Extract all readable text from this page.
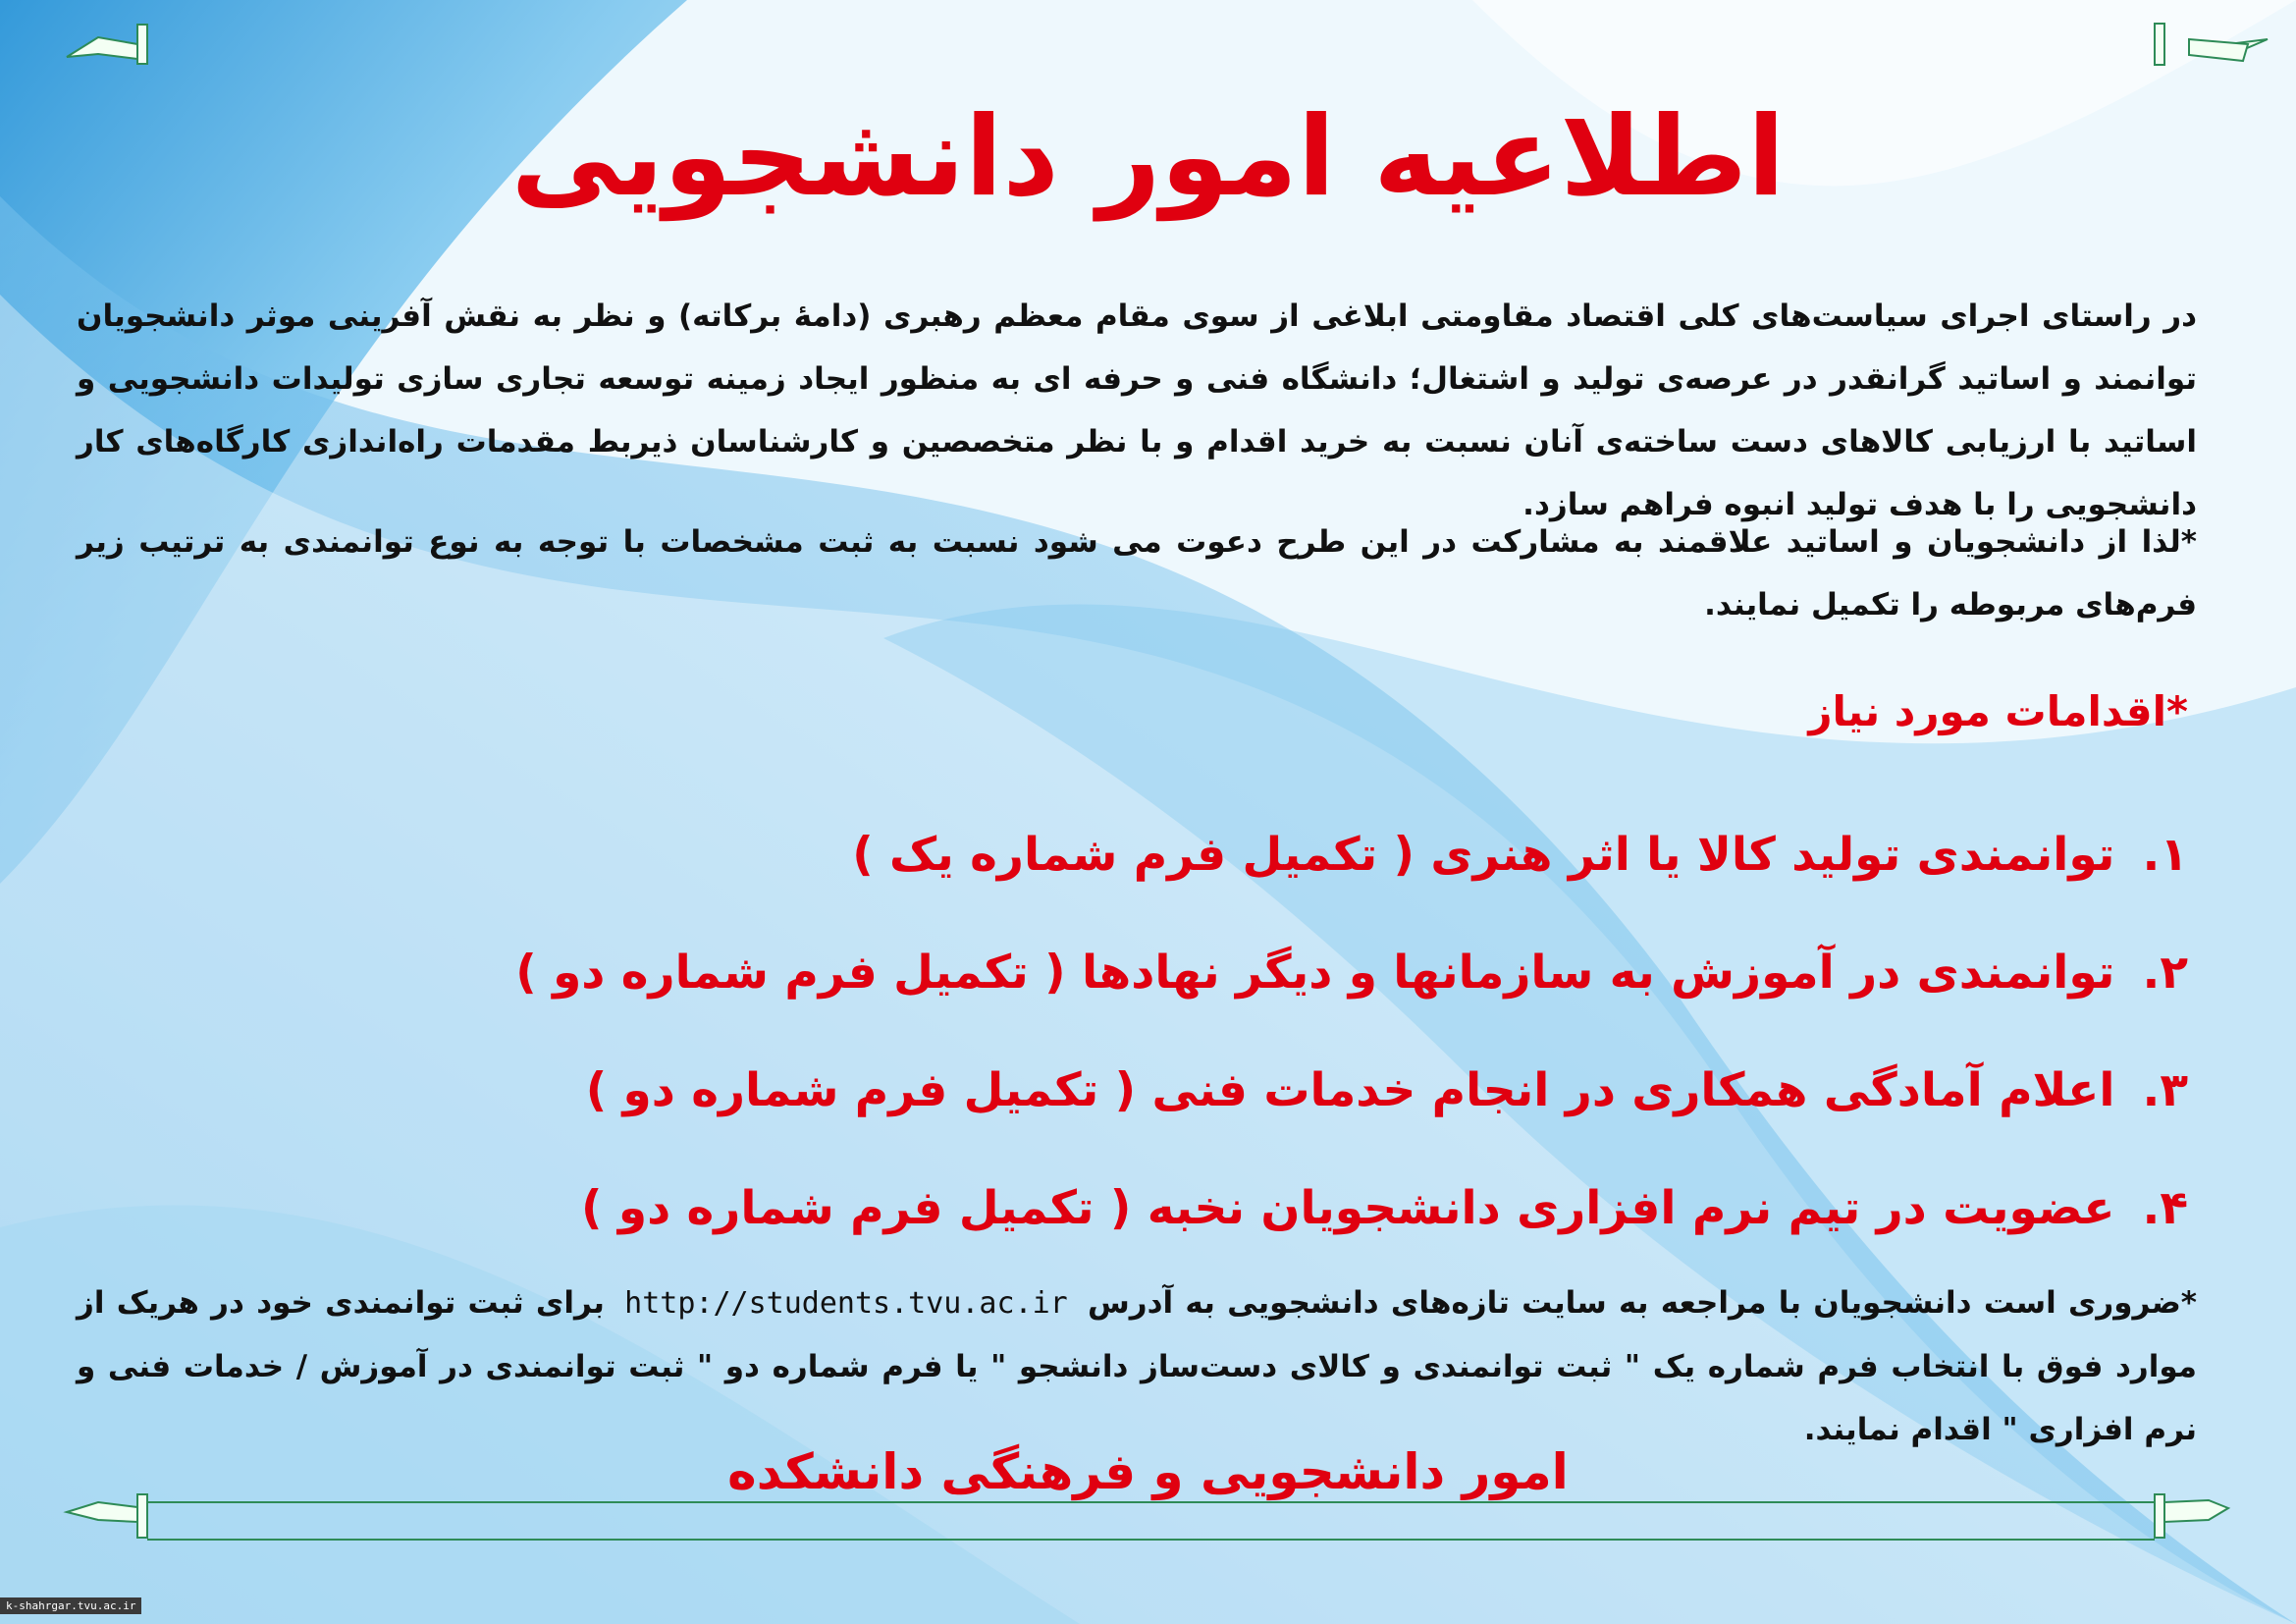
اطلاعیه امور دانشجویی
در راستای اجرای سیاست‌های کلی اقتصاد مقاومتی ابلاغی از سوی مقام معظم رهبری (دامهٔ برکاته) و نظر به نقش آفرینی موثر دانشجویان توانمند و اساتید گرانقدر در عرصه‌ی تولید و اشتغال؛ دانشگاه فنی و حرفه ای به منظور ایجاد زمینه توسعه تجاری سازی تولیدات دانشجویی و اساتید با ارزیابی کالاهای دست ساخته‌ی آنان نسبت به خرید اقدام و با نظر متخصصین و کارشناسان ذیربط مقدمات راه‌اندازی کارگاه‌های کار دانشجویی را با هدف تولید انبوه فراهم سازد.
*لذا از دانشجویان و اساتید علاقمند به مشارکت در این طرح دعوت می شود نسبت به ثبت مشخصات با توجه به نوع توانمندی به ترتیب زیر فرم‌های مربوطه را تکمیل نمایند.
*اقدامات مورد نیاز
۱.
توانمندی تولید کالا یا اثر هنری ( تکمیل فرم شماره یک )
۲.
توانمندی در آموزش به سازمانها و دیگر نهادها ( تکمیل فرم شماره دو )
۳.
اعلام آمادگی همکاری در انجام خدمات فنی ( تکمیل فرم شماره دو )
۴.
عضویت در تیم نرم افزاری دانشجویان نخبه ( تکمیل فرم شماره دو )
*ضروری است دانشجویان با مراجعه به سایت تازه‌های دانشجویی به آدرس http://students.tvu.ac.ir برای ثبت توانمندی خود در هریک از موارد فوق با انتخاب فرم شماره یک " ثبت توانمندی و کالای دست‌ساز دانشجو " یا فرم شماره دو " ثبت توانمندی در آموزش / خدمات فنی و نرم افزاری " اقدام نمایند.
امور دانشجویی و فرهنگی دانشکده
k-shahrgar.tvu.ac.ir
